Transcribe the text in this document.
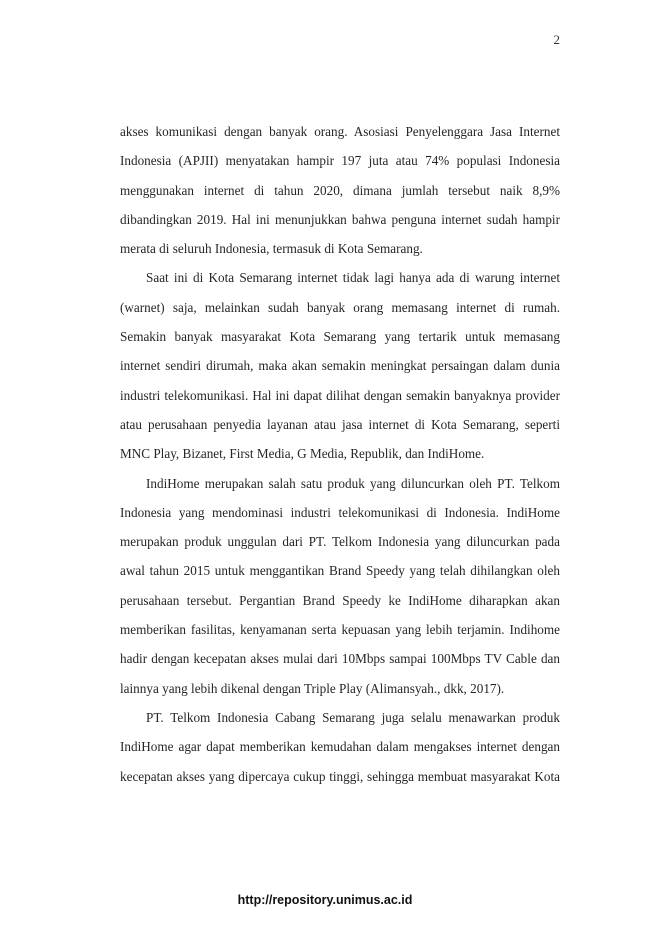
2
akses komunikasi dengan banyak orang. Asosiasi Penyelenggara Jasa Internet
Indonesia (APJII) menyatakan hampir 197 juta atau 74% populasi Indonesia
menggunakan internet di tahun 2020, dimana jumlah tersebut naik 8,9%
dibandingkan 2019. Hal ini menunjukkan bahwa penguna internet sudah hampir
merata di seluruh Indonesia, termasuk di Kota Semarang.
Saat ini di Kota Semarang internet tidak lagi hanya ada di warung internet
(warnet) saja, melainkan sudah banyak orang memasang internet di rumah.
Semakin banyak masyarakat Kota Semarang yang tertarik untuk memasang
internet sendiri dirumah, maka akan semakin meningkat persaingan dalam dunia
industri telekomunikasi. Hal ini dapat dilihat dengan semakin banyaknya provider
atau perusahaan penyedia layanan atau jasa internet di Kota Semarang, seperti
MNC Play, Bizanet, First Media, G Media, Republik, dan IndiHome.
IndiHome merupakan salah satu produk yang diluncurkan oleh PT. Telkom
Indonesia yang mendominasi industri telekomunikasi di Indonesia. IndiHome
merupakan produk unggulan dari PT. Telkom Indonesia yang diluncurkan pada
awal tahun 2015 untuk menggantikan Brand Speedy yang telah dihilangkan oleh
perusahaan tersebut. Pergantian Brand Speedy ke IndiHome diharapkan akan
memberikan fasilitas, kenyamanan serta kepuasan yang lebih terjamin. Indihome
hadir dengan kecepatan akses mulai dari 10Mbps sampai 100Mbps TV Cable dan
lainnya yang lebih dikenal dengan Triple Play (Alimansyah., dkk, 2017).
PT. Telkom Indonesia Cabang Semarang juga selalu menawarkan produk
IndiHome agar dapat memberikan kemudahan dalam mengakses internet dengan
kecepatan akses yang dipercaya cukup tinggi, sehingga membuat masyarakat Kota
http://repository.unimus.ac.id
